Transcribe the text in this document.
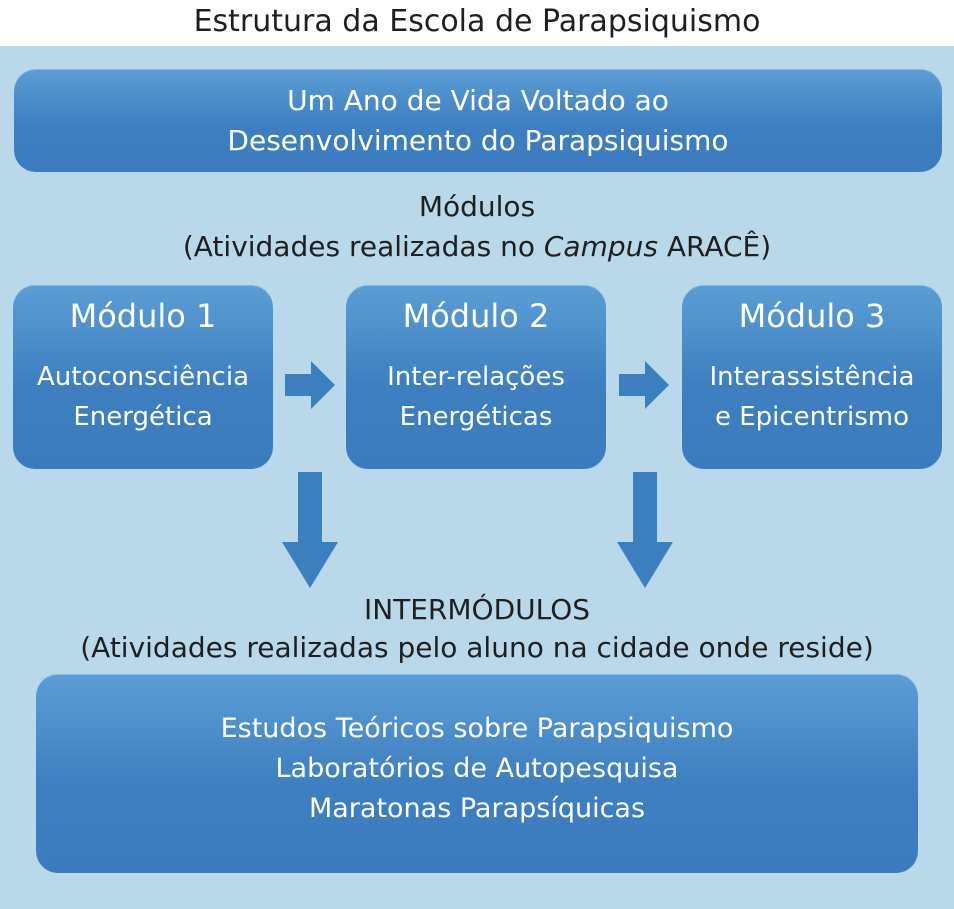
Estrutura da Escola de Parapsiquismo
Um Ano de Vida Voltado ao
Desenvolvimento do Parapsiquismo
Módulos
(Atividades realizadas no Campus ARACÊ)
Módulo 1
Autoconsciência
Energética
Módulo 2
Inter-relações
Energéticas
Módulo 3
Interassistência
e Epicentrismo
INTERMÓDULOS
(Atividades realizadas pelo aluno na cidade onde reside)
Estudos Teóricos sobre Parapsiquismo
Laboratórios de Autopesquisa
Maratonas Parapsíquicas
